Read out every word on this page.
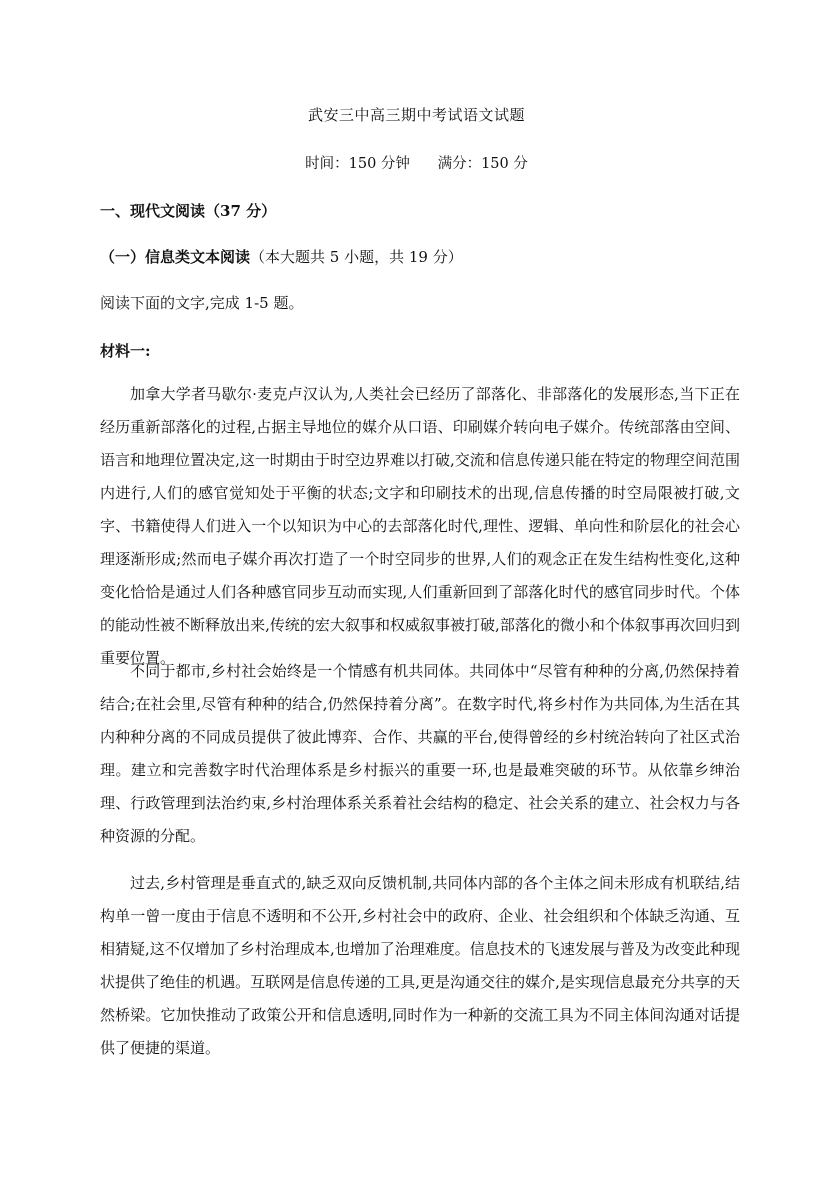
武安三中高三期中考试语文试题
时间：150 分钟      满分：150 分
一、现代文阅读（37 分）
（一）信息类文本阅读（本大题共 5 小题，共 19 分）
阅读下面的文字,完成 1-5 题。
材料一:

加拿大学者马歇尔·麦克卢汉认为,人类社会已经历了部落化、非部落化的发展形态,当下正在经历重新部落化的过程,占据主导地位的媒介从口语、印刷媒介转向电子媒介。传统部落由空间、语言和地理位置决定,这一时期由于时空边界难以打破,交流和信息传递只能在特定的物理空间范围内进行,人们的感官觉知处于平衡的状态;文字和印刷技术的出现,信息传播的时空局限被打破,文字、书籍使得人们进入一个以知识为中心的去部落化时代,理性、逻辑、单向性和阶层化的社会心理逐渐形成;然而电子媒介再次打造了一个时空同步的世界,人们的观念正在发生结构性变化,这种变化恰恰是通过人们各种感官同步互动而实现,人们重新回到了部落化时代的感官同步时代。个体的能动性被不断释放出来,传统的宏大叙事和权威叙事被打破,部落化的微小和个体叙事再次回归到重要位置。

不同于都市,乡村社会始终是一个情感有机共同体。共同体中“尽管有种种的分离,仍然保持着结合;在社会里,尽管有种种的结合,仍然保持着分离”。在数字时代,将乡村作为共同体,为生活在其内种种分离的不同成员提供了彼此博弈、合作、共赢的平台,使得曾经的乡村统治转向了社区式治理。建立和完善数字时代治理体系是乡村振兴的重要一环,也是最难突破的环节。从依靠乡绅治理、行政管理到法治约束,乡村治理体系关系着社会结构的稳定、社会关系的建立、社会权力与各种资源的分配。

过去,乡村管理是垂直式的,缺乏双向反馈机制,共同体内部的各个主体之间未形成有机联结,结构单一曾一度由于信息不透明和不公开,乡村社会中的政府、企业、社会组织和个体缺乏沟通、互相猜疑,这不仅增加了乡村治理成本,也增加了治理难度。信息技术的飞速发展与普及为改变此种现状提供了绝佳的机遇。互联网是信息传递的工具,更是沟通交往的媒介,是实现信息最充分共享的天然桥梁。它加快推动了政策公开和信息透明,同时作为一种新的交流工具为不同主体间沟通对话提供了便捷的渠道。
